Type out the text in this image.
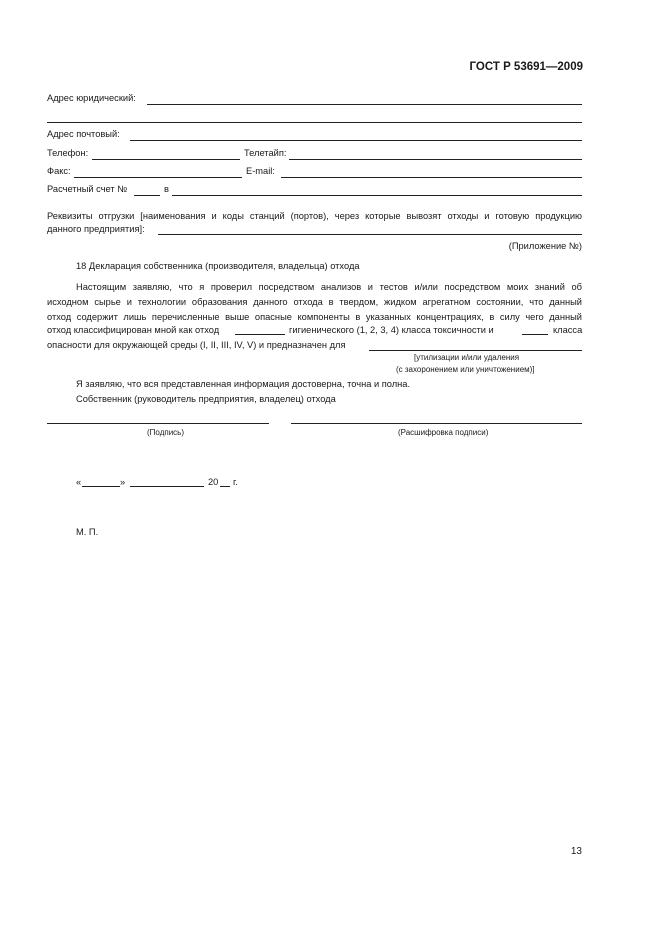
ГОСТ Р 53691—2009
Адрес юридический:
Адрес почтовый:
Телефон:	Телетайп:
Факс:	E-mail:
Расчетный счет №	в
Реквизиты отгрузки [наименования и коды станций (портов), через которые вывозят отходы и готовую продукцию
данного предприятия]:
(Приложение №)
18 Декларация собственника (производителя, владельца) отхода
Настоящим заявляю, что я проверил посредством анализов и тестов и/или посредством моих знаний об
исходном сырье и технологии образования данного отхода в твердом, жидком агрегатном состоянии, что данный
отход содержит лишь перечисленные выше опасные компоненты в указанных концентрациях, в силу чего данный
отход классифицирован мной как отход	гигиенического (1, 2, 3, 4) класса токсичности и	класса
опасности для окружающей среды (I, II, III, IV, V) и предназначен для
[утилизации и/или удаления
(с захоронением или уничтожением)]
Я заявляю, что вся представленная информация достоверна, точна и полна.
Собственник (руководитель предприятия, владелец) отхода
(Подпись)	(Расшифровка подписи)
«	»	20 г.
М. П.
13
